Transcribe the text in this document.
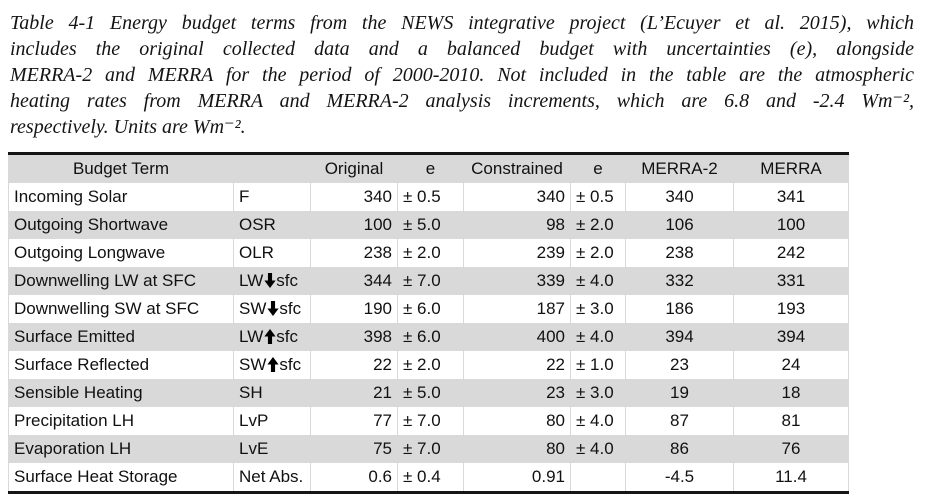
Table 4-1 Energy budget terms from the NEWS integrative project (L’Ecuyer et al. 2015), which
includes the original collected data and a balanced budget with uncertainties (e), alongside
MERRA-2 and MERRA for the period of 2000-2010. Not included in the table are the atmospheric
heating rates from MERRA and MERRA-2 analysis increments, which are 6.8 and -2.4 Wm⁻²,
respectively. Units are Wm⁻².
Budget Term		Original	e	Constrained	e	MERRA-2	MERRA
Incoming Solar	F	340	± 0.5	340	± 0.5	340	341
Outgoing Shortwave	OSR	100	± 5.0	98	± 2.0	106	100
Outgoing Longwave	OLR	238	± 2.0	239	± 2.0	238	242
Downwelling LW at SFC	LW sfc	344	± 7.0	339	± 4.0	332	331
Downwelling SW at SFC	SW sfc	190	± 6.0	187	± 3.0	186	193
Surface Emitted	LW sfc	398	± 6.0	400	± 4.0	394	394
Surface Reflected	SW sfc	22	± 2.0	22	± 1.0	23	24
Sensible Heating	SH	21	± 5.0	23	± 3.0	19	18
Precipitation LH	LvP	77	± 7.0	80	± 4.0	87	81
Evaporation LH	LvE	75	± 7.0	80	± 4.0	86	76
Surface Heat Storage	Net Abs.	0.6	± 0.4	0.91		-4.5	11.4
